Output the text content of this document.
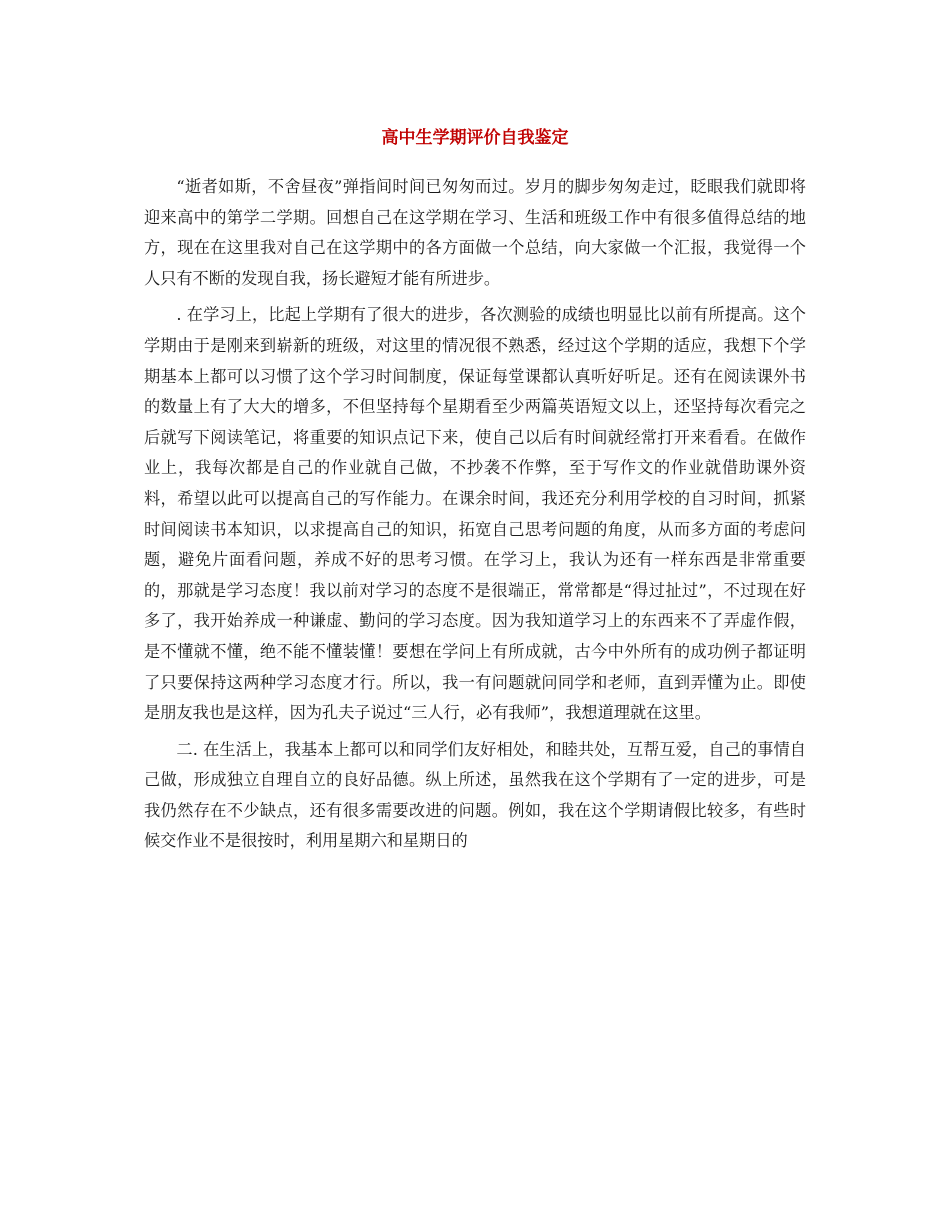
高中生学期评价自我鉴定

“逝者如斯，不舍昼夜”弹指间时间已匆匆而过。岁月的脚步匆匆走过，眨眼我们就即将迎来高中的第学二学期。回想自己在这学期在学习、生活和班级工作中有很多值得总结的地方，现在在这里我对自己在这学期中的各方面做一个总结，向大家做一个汇报，我觉得一个人只有不断的发现自我，扬长避短才能有所进步。

. 在学习上，比起上学期有了很大的进步，各次测验的成绩也明显比以前有所提高。这个学期由于是刚来到崭新的班级，对这里的情况很不熟悉，经过这个学期的适应，我想下个学期基本上都可以习惯了这个学习时间制度，保证每堂课都认真听好听足。还有在阅读课外书的数量上有了大大的增多，不但坚持每个星期看至少两篇英语短文以上，还坚持每次看完之后就写下阅读笔记，将重要的知识点记下来，使自己以后有时间就经常打开来看看。在做作业上，我每次都是自己的作业就自己做，不抄袭不作弊，至于写作文的作业就借助课外资料，希望以此可以提高自己的写作能力。在课余时间，我还充分利用学校的自习时间，抓紧时间阅读书本知识，以求提高自己的知识，拓宽自己思考问题的角度，从而多方面的考虑问题，避免片面看问题，养成不好的思考习惯。在学习上，我认为还有一样东西是非常重要的，那就是学习态度！我以前对学习的态度不是很端正，常常都是“得过扯过”，不过现在好多了，我开始养成一种谦虚、勤问的学习态度。因为我知道学习上的东西来不了弄虚作假，是不懂就不懂，绝不能不懂装懂！要想在学问上有所成就，古今中外所有的成功例子都证明了只要保持这两种学习态度才行。所以，我一有问题就问同学和老师，直到弄懂为止。即使是朋友我也是这样，因为孔夫子说过“三人行，必有我师”，我想道理就在这里。

二. 在生活上，我基本上都可以和同学们友好相处，和睦共处，互帮互爱，自己的事情自己做，形成独立自理自立的良好品德。纵上所述，虽然我在这个学期有了一定的进步，可是我仍然存在不少缺点，还有很多需要改进的问题。例如，我在这个学期请假比较多，有些时候交作业不是很按时，利用星期六和星期日的
